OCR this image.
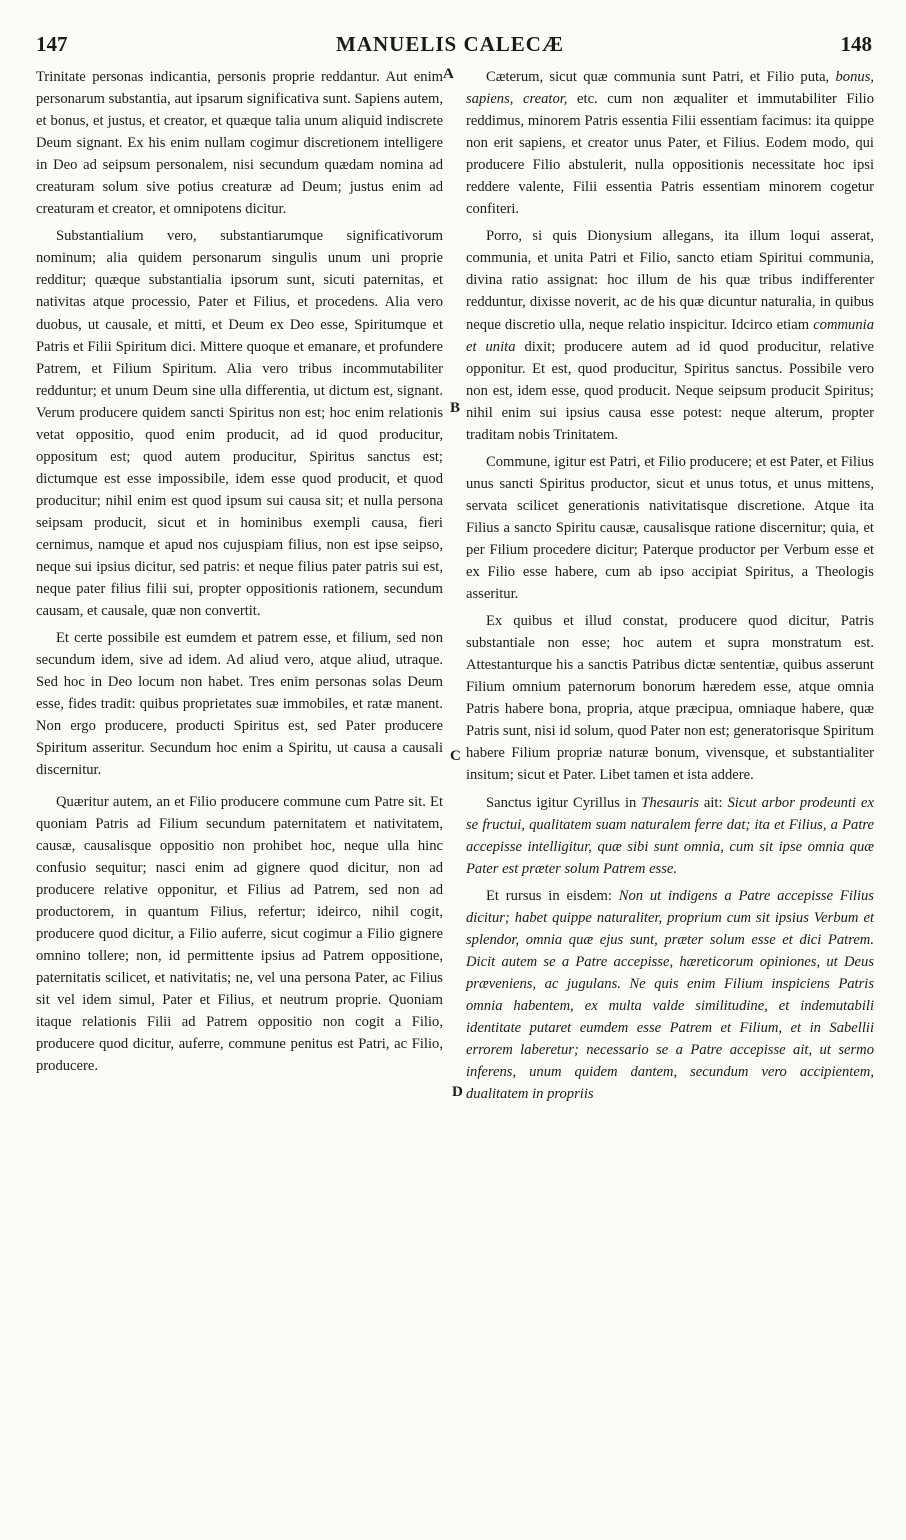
147	MANUELIS CALECÆ	148
A
B
C
D

Trinitate personas indicantia, personis proprie reddantur. Aut enim personarum substantia, aut ipsarum significativa sunt. Sapiens autem, et bonus, et justus, et creator, et quæque talia unum aliquid indiscrete Deum signant. Ex his enim nullam cogimur discretionem intelligere in Deo ad seipsum personalem, nisi secundum quædam nomina ad creaturam solum sive potius creaturæ ad Deum; justus enim ad creaturam et creator, et omnipotens dicitur.

Substantialium vero, substantiarumque significativorum nominum; alia quidem personarum singulis unum uni proprie redditur; quæque substantialia ipsorum sunt, sicuti paternitas, et nativitas atque processio, Pater et Filius, et procedens. Alia vero duobus, ut causale, et mitti, et Deum ex Deo esse, Spiritumque et Patris et Filii Spiritum dici. Mittere quoque et emanare, et profundere Patrem, et Filium Spiritum. Alia vero tribus incommutabiliter redduntur; et unum Deum sine ulla differentia, ut dictum est, signant. Verum producere quidem sancti Spiritus non est; hoc enim relationis vetat oppositio, quod enim producit, ad id quod producitur, oppositum est; quod autem producitur, Spiritus sanctus est; dictumque est esse impossibile, idem esse quod producit, et quod producitur; nihil enim est quod ipsum sui causa sit; et nulla persona seipsam producit, sicut et in hominibus exempli causa, fieri cernimus, namque et apud nos cujuspiam filius, non est ipse seipso, neque sui ipsius dicitur, sed patris: et neque filius pater patris sui est, neque pater filius filii sui, propter oppositionis rationem, secundum causam, et causale, quæ non convertit.

Et certe possibile est eumdem et patrem esse, et filium, sed non secundum idem, sive ad idem. Ad aliud vero, atque aliud, utraque. Sed hoc in Deo locum non habet. Tres enim personas solas Deum esse, fides tradit: quibus proprietates suæ immobiles, et ratæ manent. Non ergo producere, producti Spiritus est, sed Pater producere Spiritum asseritur. Secundum hoc enim a Spiritu, ut causa a causali discernitur.

Quæritur autem, an et Filio producere commune cum Patre sit. Et quoniam Patris ad Filium secundum paternitatem et nativitatem, causæ, causalisque oppositio non prohibet hoc, neque ulla hinc confusio sequitur; nasci enim ad gignere quod dicitur, non ad producere relative opponitur, et Filius ad Patrem, sed non ad productorem, in quantum Filius, refertur; ideirco, nihil cogit, producere quod dicitur, a Filio auferre, sicut cogimur a Filio gignere omnino tollere; non, id permittente ipsius ad Patrem oppositione, paternitatis scilicet, et nativitatis; ne, vel una persona Pater, ac Filius sit vel idem simul, Pater et Filius, et neutrum proprie. Quoniam itaque relationis Filii ad Patrem oppositio non cogit a Filio, producere quod dicitur, auferre, commune penitus est Patri, ac Filio, producere.

Cæterum, sicut quæ communia sunt Patri, et Filio puta, bonus, sapiens, creator, etc. cum non æqualiter et immutabiliter Filio reddimus, minorem Patris essentia Filii essentiam facimus: ita quippe non erit sapiens, et creator unus Pater, et Filius. Eodem modo, qui producere Filio abstulerit, nulla oppositionis necessitate hoc ipsi reddere valente, Filii essentia Patris essentiam minorem cogetur confiteri.

Porro, si quis Dionysium allegans, ita illum loqui asserat, communia, et unita Patri et Filio, sancto etiam Spiritui communia, divina ratio assignat: hoc illum de his quæ tribus indifferenter redduntur, dixisse noverit, ac de his quæ dicuntur naturalia, in quibus neque discretio ulla, neque relatio inspicitur. Idcirco etiam communia et unita dixit; producere autem ad id quod producitur, relative opponitur. Et est, quod producitur, Spiritus sanctus. Possibile vero non est, idem esse, quod producit. Neque seipsum producit Spiritus; nihil enim sui ipsius causa esse potest: neque alterum, propter traditam nobis Trinitatem.

Commune, igitur est Patri, et Filio producere; et est Pater, et Filius unus sancti Spiritus productor, sicut et unus totus, et unus mittens, servata scilicet generationis nativitatisque discretione. Atque ita Filius a sancto Spiritu causæ, causalisque ratione discernitur; quia, et per Filium procedere dicitur; Paterque productor per Verbum esse et ex Filio esse habere, cum ab ipso accipiat Spiritus, a Theologis asseritur.

Ex quibus et illud constat, producere quod dicitur, Patris substantiale non esse; hoc autem et supra monstratum est. Attestanturque his a sanctis Patribus dictæ sententiæ, quibus asserunt Filium omnium paternorum bonorum hæredem esse, atque omnia Patris habere bona, propria, atque præcipua, omniaque habere, quæ Patris sunt, nisi id solum, quod Pater non est; generatorisque Spiritum habere Filium propriæ naturæ bonum, vivensque, et substantialiter insitum; sicut et Pater. Libet tamen et ista addere.

Sanctus igitur Cyrillus in Thesauris ait: Sicut arbor prodeunti ex se fructui, qualitatem suam naturalem ferre dat; ita et Filius, a Patre accepisse intelligitur, quæ sibi sunt omnia, cum sit ipse omnia quæ Pater est præter solum Patrem esse.

Et rursus in eisdem: Non ut indigens a Patre accepisse Filius dicitur; habet quippe naturaliter, proprium cum sit ipsius Verbum et splendor, omnia quæ ejus sunt, præter solum esse et dici Patrem. Dicit autem se a Patre accepisse, hæreticorum opiniones, ut Deus præveniens, ac jugulans. Ne quis enim Filium inspiciens Patris omnia habentem, ex multa valde similitudine, et indemutabili identitate putaret eumdem esse Patrem et Filium, et in Sabellii errorem laberetur; necessario se a Patre accepisse ait, ut sermo inferens, unum quidem dantem, secundum vero accipientem, dualitatem in propriis
